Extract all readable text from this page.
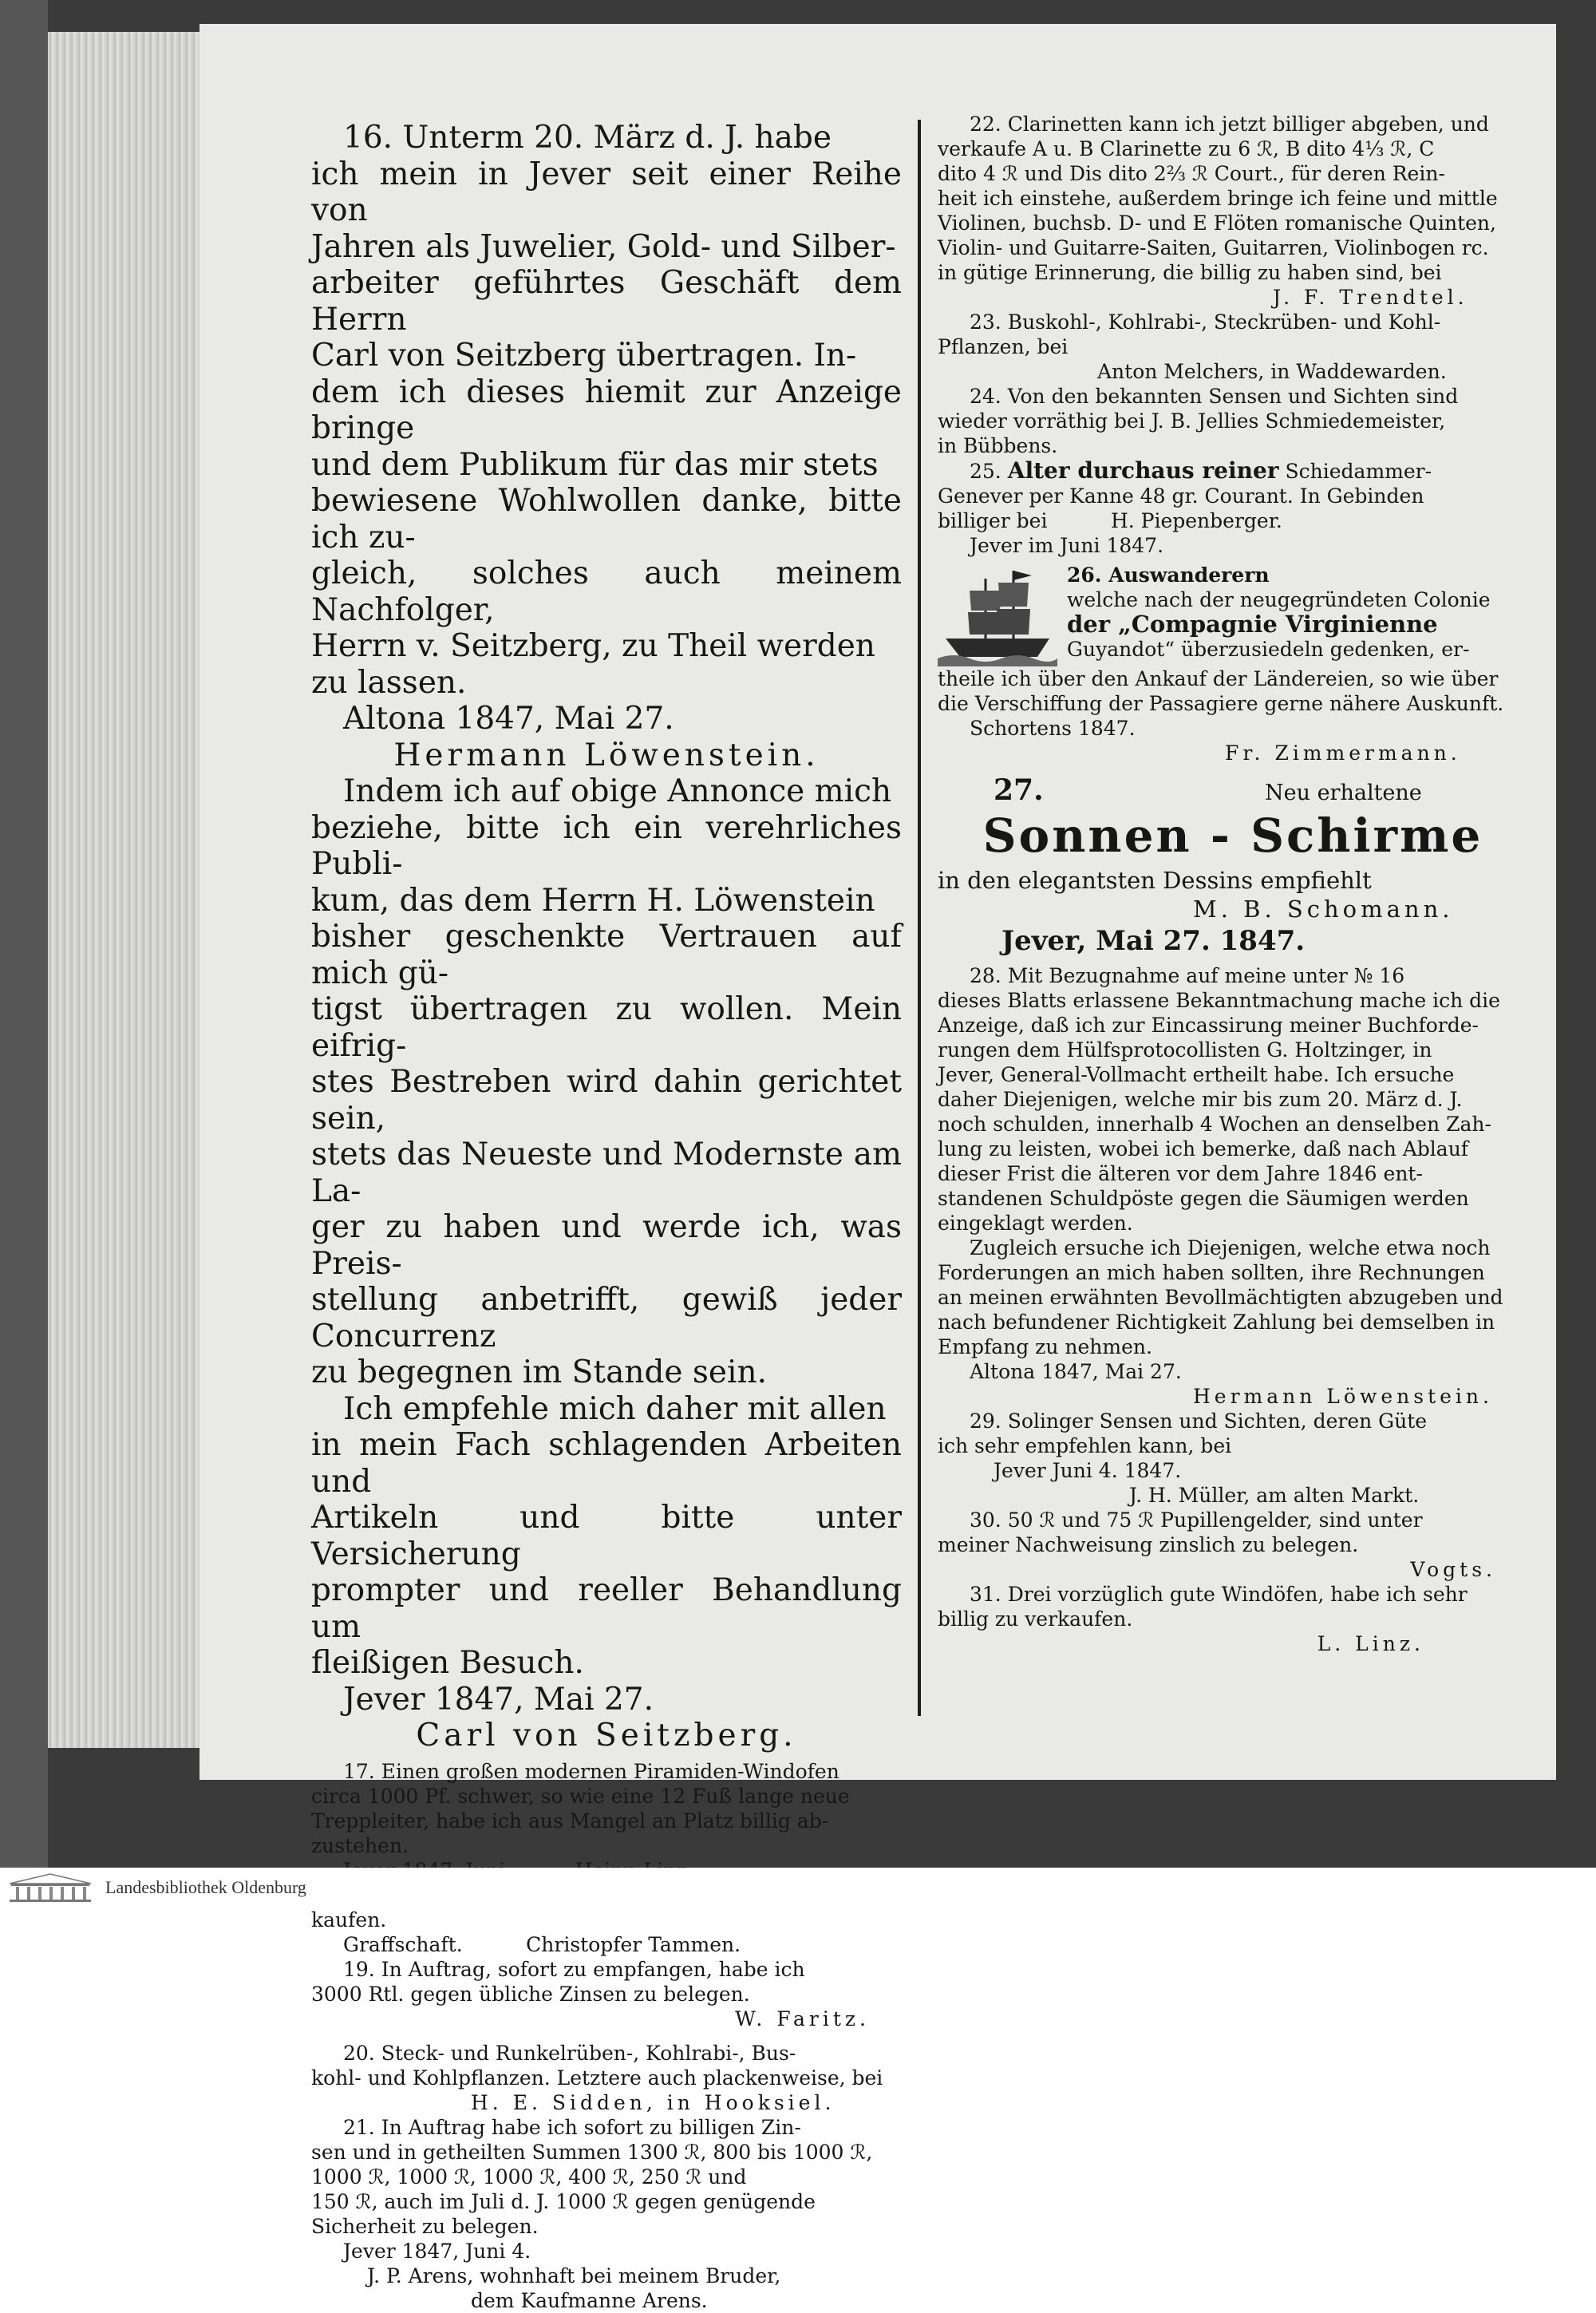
16. Unterm 20. März d. J. habe

ich mein in Jever seit einer Reihe von

Jahren als Juwelier, Gold- und Silber-

arbeiter geführtes Geschäft dem Herrn

Carl von Seitzberg übertragen. In-

dem ich dieses hiemit zur Anzeige bringe

und dem Publikum für das mir stets

bewiesene Wohlwollen danke, bitte ich zu-

gleich, solches auch meinem Nachfolger,

Herrn v. Seitzberg, zu Theil werden

zu lassen.

Altona 1847, Mai 27.

Hermann Löwenstein.

Indem ich auf obige Annonce mich

beziehe, bitte ich ein verehrliches Publi-

kum, das dem Herrn H. Löwenstein

bisher geschenkte Vertrauen auf mich gü-

tigst übertragen zu wollen. Mein eifrig-

stes Bestreben wird dahin gerichtet sein,

stets das Neueste und Modernste am La-

ger zu haben und werde ich, was Preis-

stellung anbetrifft, gewiß jeder Concurrenz

zu begegnen im Stande sein.

Ich empfehle mich daher mit allen

in mein Fach schlagenden Arbeiten und

Artikeln und bitte unter Versicherung

prompter und reeller Behandlung um

fleißigen Besuch.

Jever 1847, Mai 27.

Carl von Seitzberg.

17. Einen großen modernen Piramiden-Windofen

circa 1000 Pf. schwer, so wie eine 12 Fuß lange neue

Treppleiter, habe ich aus Mangel an Platz billig ab-

zustehen.

kaufen.

Graffschaft.          Christopfer Tammen.

19. In Auftrag, sofort zu empfangen, habe ich

3000 Rtl. gegen übliche Zinsen zu belegen.

W. Faritz.

20. Steck- und Runkelrüben-, Kohlrabi-, Bus-

kohl- und Kohlpflanzen. Letztere auch plackenweise, bei

H. E. Sidden, in Hooksiel.

21. In Auftrag habe ich sofort zu billigen Zin-

sen und in getheilten Summen 1300 ℛ, 800 bis 1000 ℛ,

1000 ℛ, 1000 ℛ, 1000 ℛ, 400 ℛ, 250 ℛ und

150 ℛ, auch im Juli d. J. 1000 ℛ gegen genügende

Sicherheit zu belegen.

Jever 1847, Juni 4.

J. P. Arens, wohnhaft bei meinem Bruder,

dem Kaufmanne Arens.

22. Clarinetten kann ich jetzt billiger abgeben, und

verkaufe A u. B Clarinette zu 6 ℛ, B dito 4⅓ ℛ, C

dito 4 ℛ und Dis dito 2⅔ ℛ Court., für deren Rein-

heit ich einstehe, außerdem bringe ich feine und mittle

Violinen, buchsb. D- und E Flöten romanische Quinten,

Violin- und Guitarre-Saiten, Guitarren, Violinbogen rc.

in gütige Erinnerung, die billig zu haben sind, bei

J. F. Trendtel.

23. Buskohl-, Kohlrabi-, Steckrüben- und Kohl-

Pflanzen, bei

Anton Melchers, in Waddewarden.

24. Von den bekannten Sensen und Sichten sind

wieder vorräthig bei J. B. Jellies Schmiedemeister,

in Bübbens.

25. Alter durchaus reiner Schiedammer-

Genever per Kanne 48 gr. Courant. In Gebinden

billiger bei          H. Piepenberger.

Jever im Juni 1847.

26. Auswanderern

welche nach der neugegründeten Colonie

der „Compagnie Virginienne

Guyandot“ überzusiedeln gedenken, er-

theile ich über den Ankauf der Ländereien, so wie über

die Verschiffung der Passagiere gerne nähere Auskunft.

Schortens 1847.

Fr. Zimmermann.

27.	Neu erhaltene
Sonnen - Schirme

in den elegantsten Dessins empfiehlt

M. B. Schomann.

Jever, Mai 27. 1847.

28. Mit Bezugnahme auf meine unter № 16

dieses Blatts erlassene Bekanntmachung mache ich die

Anzeige, daß ich zur Eincassirung meiner Buchforde-

rungen dem Hülfsprotocollisten G. Holtzinger, in

Jever, General-Vollmacht ertheilt habe. Ich ersuche

daher Diejenigen, welche mir bis zum 20. März d. J.

noch schulden, innerhalb 4 Wochen an denselben Zah-

lung zu leisten, wobei ich bemerke, daß nach Ablauf

dieser Frist die älteren vor dem Jahre 1846 ent-

standenen Schuldpöste gegen die Säumigen werden

eingeklagt werden.

Zugleich ersuche ich Diejenigen, welche etwa noch

Forderungen an mich haben sollten, ihre Rechnungen

an meinen erwähnten Bevollmächtigten abzugeben und

nach befundener Richtigkeit Zahlung bei demselben in

Empfang zu nehmen.

Altona 1847, Mai 27.

Hermann Löwenstein.

29. Solinger Sensen und Sichten, deren Güte

ich sehr empfehlen kann, bei

Jever Juni 4. 1847.

J. H. Müller, am alten Markt.

30. 50 ℛ und 75 ℛ Pupillengelder, sind unter

meiner Nachweisung zinslich zu belegen.

Vogts.

31. Drei vorzüglich gute Windöfen, habe ich sehr

billig zu verkaufen.

L. Linz.

Landesbibliothek Oldenburg
